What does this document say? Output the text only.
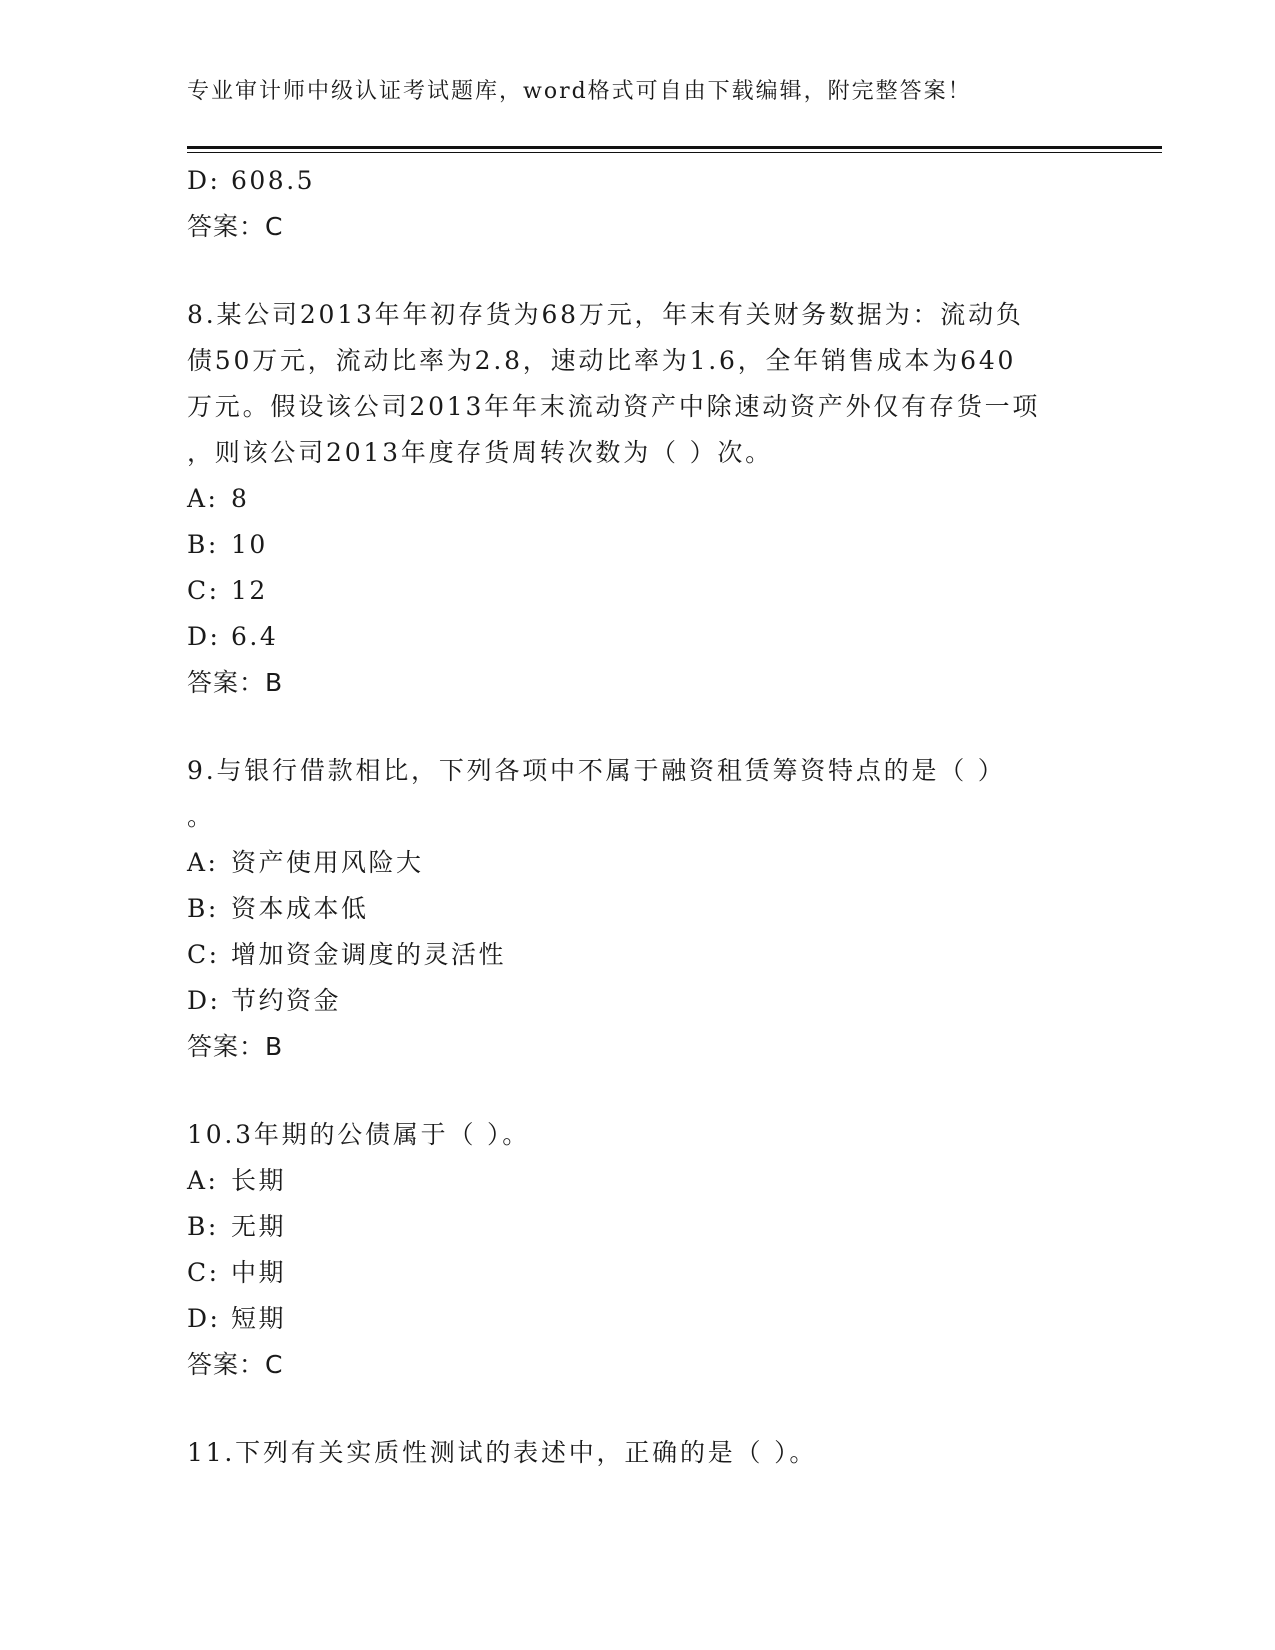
专业审计师中级认证考试题库，word格式可自由下载编辑，附完整答案！
D: 608.5
答案：C
8.某公司2013年年初存货为68万元，年末有关财务数据为：流动负
债50万元，流动比率为2.8，速动比率为1.6，全年销售成本为640
万元。假设该公司2013年年末流动资产中除速动资产外仅有存货一项
，则该公司2013年度存货周转次数为（ ）次。
A: 8
B: 10
C: 12
D: 6.4
答案：B
9.与银行借款相比，下列各项中不属于融资租赁筹资特点的是（ ）
。
A: 资产使用风险大
B: 资本成本低
C: 增加资金调度的灵活性
D: 节约资金
答案：B
10.3年期的公债属于（ ）。
A: 长期
B: 无期
C: 中期
D: 短期
答案：C
11.下列有关实质性测试的表述中，正确的是（ ）。
